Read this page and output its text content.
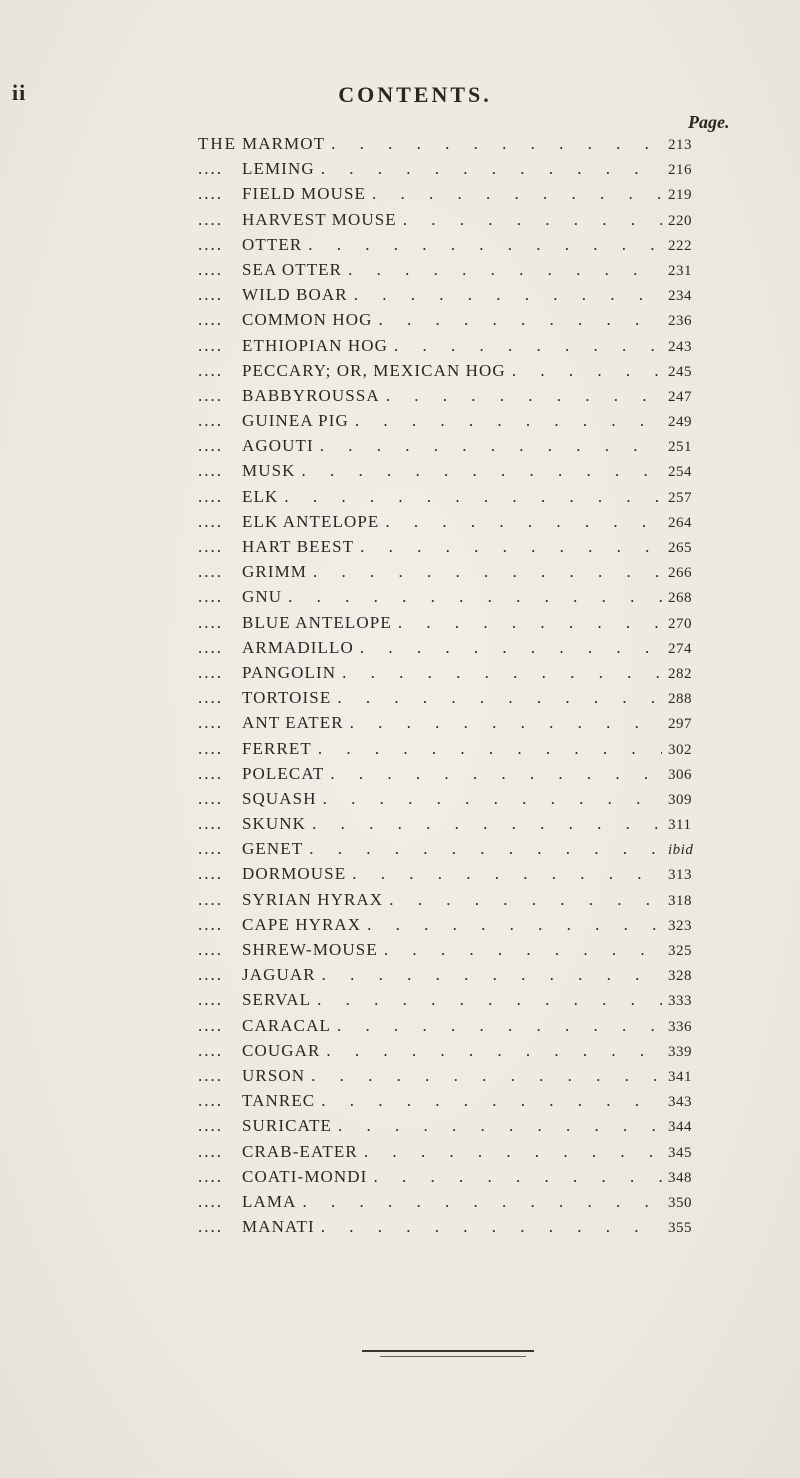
ii	CONTENTS.
Page.
THE MARMOT . . .	213
....	LEMING . . .	216
....	FIELD MOUSE . . .	219
....	HARVEST MOUSE . . .	220
....	OTTER . . .	222
....	SEA OTTER . . .	231
....	WILD BOAR . . .	234
....	COMMON HOG . . .	236
....	ETHIOPIAN HOG . . .	243
....	PECCARY; OR, MEXICAN HOG . . .	245
....	BABBYROUSSA . . .	247
....	GUINEA PIG . . .	249
....	AGOUTI . . .	251
....	MUSK . . .	254
....	ELK . . .	257
....	ELK ANTELOPE . . .	264
....	HART BEEST . . .	265
....	GRIMM . . .	266
....	GNU . . .	268
....	BLUE ANTELOPE . . .	270
....	ARMADILLO . . .	274
....	PANGOLIN . . .	282
....	TORTOISE . . .	288
....	ANT EATER . . .	297
....	FERRET . . .	302
....	POLECAT . . .	306
....	SQUASH . . .	309
....	SKUNK . . .	311
....	GENET . . .	ibid
....	DORMOUSE . . .	313
....	SYRIAN HYRAX . . .	318
....	CAPE HYRAX . . .	323
....	SHREW-MOUSE . . .	325
....	JAGUAR . . .	328
....	SERVAL . . .	333
....	CARACAL . . .	336
....	COUGAR . . .	339
....	URSON . . .	341
....	TANREC . . .	343
....	SURICATE . . .	344
....	CRAB-EATER . . .	345
....	COATI-MONDI . . .	348
....	LAMA . . .	350
....	MANATI . . .	355
